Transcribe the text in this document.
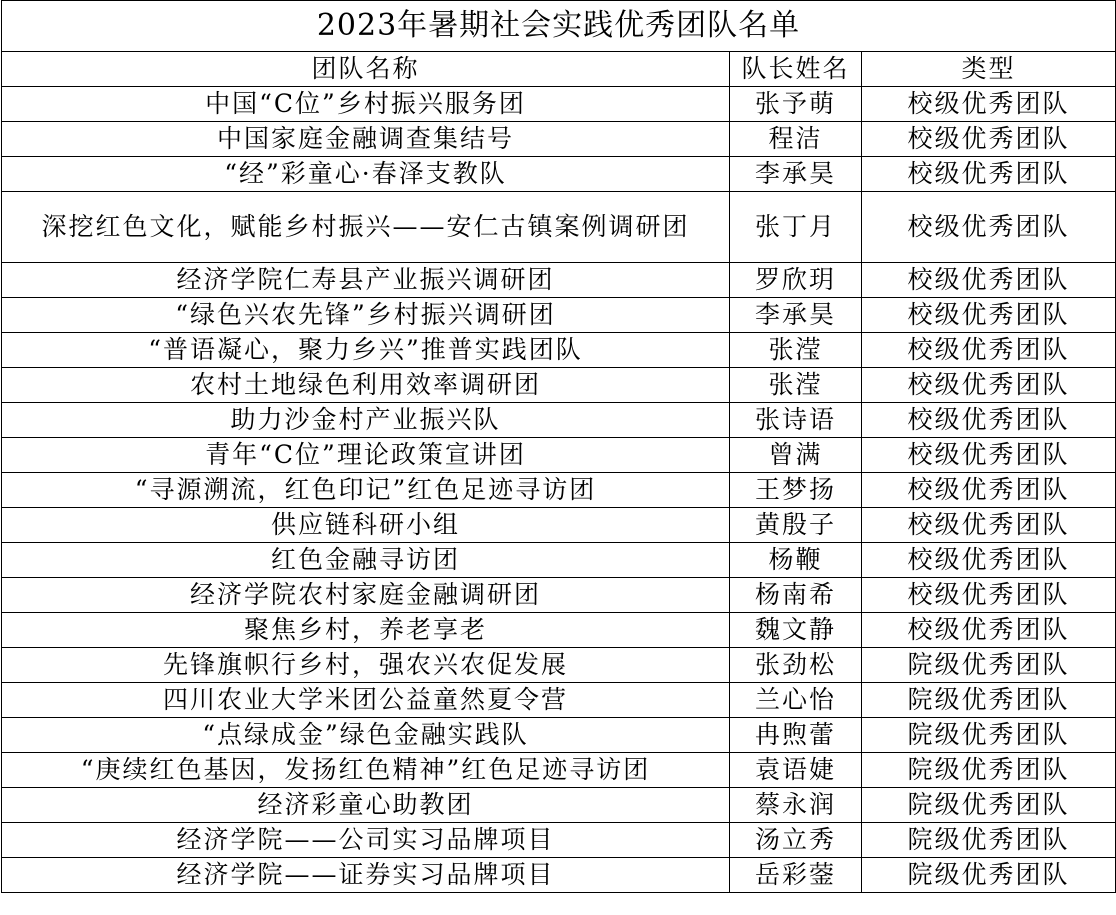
2023年暑期社会实践优秀团队名单		
团队名称	队长姓名	类型
中国“C位”乡村振兴服务团	张予萌	校级优秀团队
中国家庭金融调查集结号	程洁	校级优秀团队
“经”彩童心·春泽支教队	李承昊	校级优秀团队
深挖红色文化，赋能乡村振兴——安仁古镇案例调研团	张丁月	校级优秀团队
经济学院仁寿县产业振兴调研团	罗欣玥	校级优秀团队
“绿色兴农先锋”乡村振兴调研团	李承昊	校级优秀团队
“普语凝心，聚力乡兴”推普实践团队	张滢	校级优秀团队
农村土地绿色利用效率调研团	张滢	校级优秀团队
助力沙金村产业振兴队	张诗语	校级优秀团队
青年“C位”理论政策宣讲团	曾满	校级优秀团队
“寻源溯流，红色印记”红色足迹寻访团	王梦扬	校级优秀团队
供应链科研小组	黄殷子	校级优秀团队
红色金融寻访团	杨鞭	校级优秀团队
经济学院农村家庭金融调研团	杨南希	校级优秀团队
聚焦乡村，养老享老	魏文静	校级优秀团队
先锋旗帜行乡村，强农兴农促发展	张劲松	院级优秀团队
四川农业大学米团公益童然夏令营	兰心怡	院级优秀团队
“点绿成金”绿色金融实践队	冉煦蕾	院级优秀团队
“庚续红色基因，发扬红色精神”红色足迹寻访团	袁语婕	院级优秀团队
经济彩童心助教团	蔡永润	院级优秀团队
经济学院——公司实习品牌项目	汤立秀	院级优秀团队
经济学院——证券实习品牌项目	岳彩蓥	院级优秀团队
